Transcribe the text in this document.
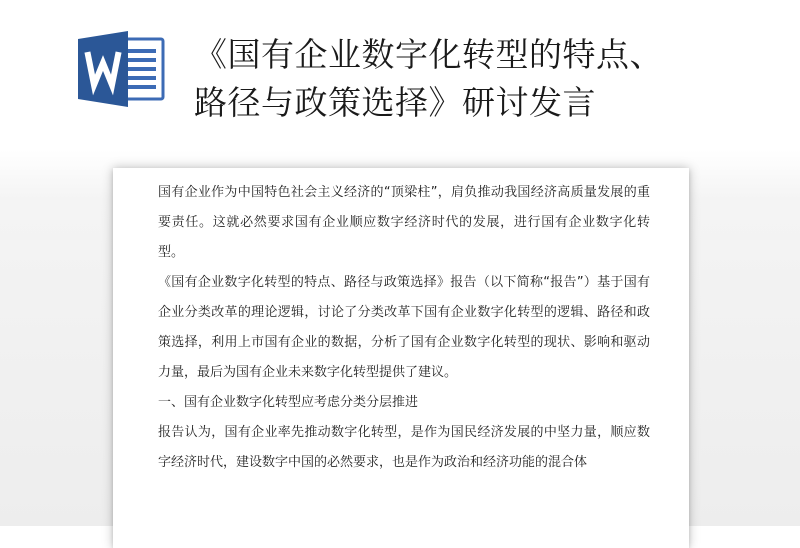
《国有企业数字化转型的特点、
路径与政策选择》研讨发言

国有企业作为中国特色社会主义经济的“顶梁柱”，肩负推动我国经济高质量发展的重要责任。这就必然要求国有企业顺应数字经济时代的发展，进行国有企业数字化转型。

《国有企业数字化转型的特点、路径与政策选择》报告（以下简称“报告”）基于国有企业分类改革的理论逻辑，讨论了分类改革下国有企业数字化转型的逻辑、路径和政策选择，利用上市国有企业的数据，分析了国有企业数字化转型的现状、影响和驱动力量，最后为国有企业未来数字化转型提供了建议。

一、国有企业数字化转型应考虑分类分层推进

报告认为，国有企业率先推动数字化转型，是作为国民经济发展的中坚力量，顺应数字经济时代，建设数字中国的必然要求，也是作为政治和经济功能的混合体
